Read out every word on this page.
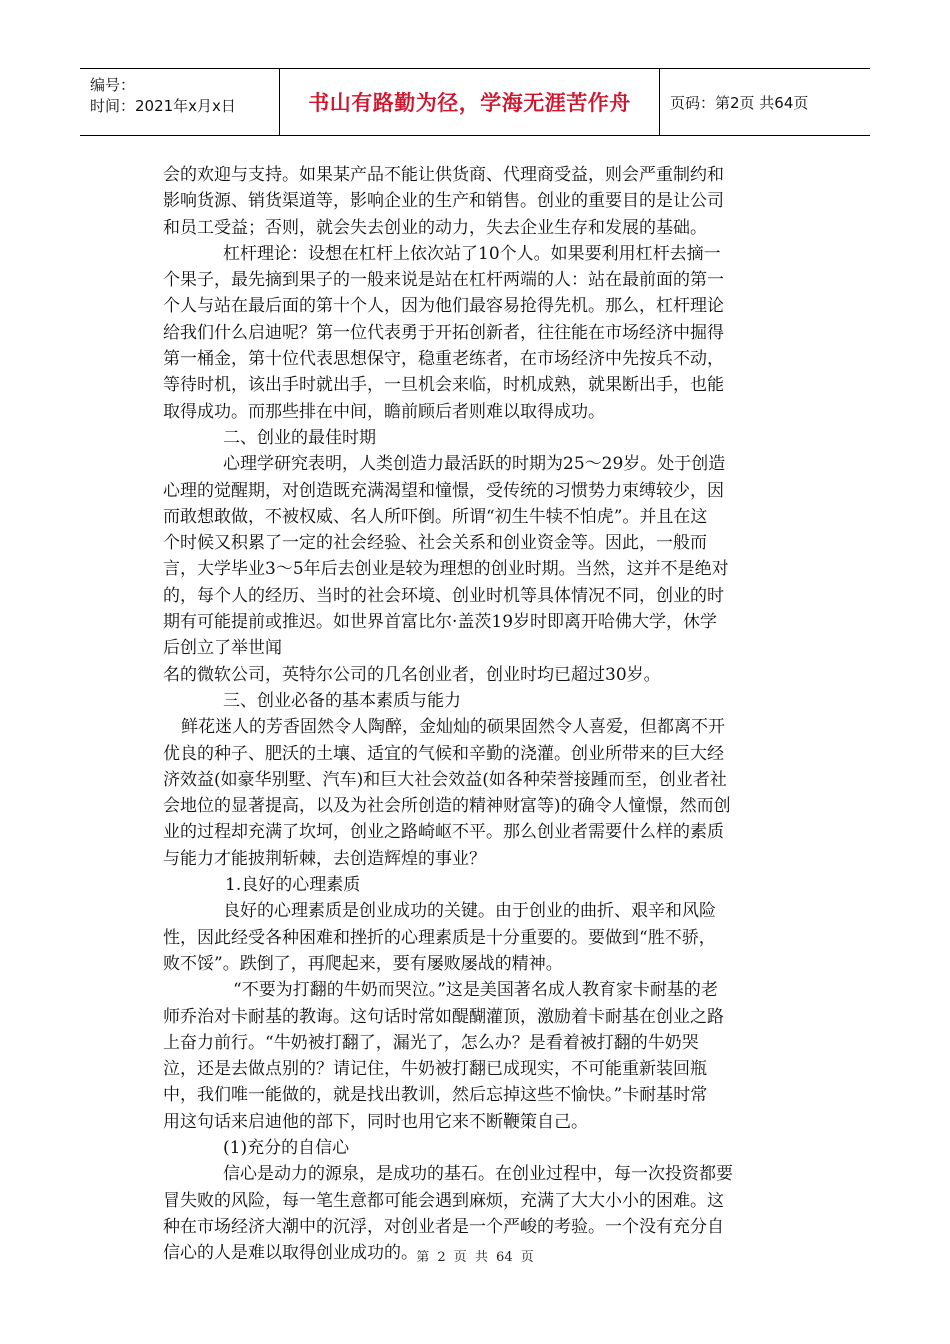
编号：
时间：2021年x月x日	书山有路勤为径，学海无涯苦作舟	页码：第2页 共64页
会的欢迎与支持。如果某产品不能让供货商、代理商受益，则会严重制约和
影响货源、销货渠道等，影响企业的生产和销售。创业的重要目的是让公司
和员工受益；否则，就会失去创业的动力，失去企业生存和发展的基础。
杠杆理论：设想在杠杆上依次站了10个人。如果要利用杠杆去摘一
个果子，最先摘到果子的一般来说是站在杠杆两端的人：站在最前面的第一
个人与站在最后面的第十个人，因为他们最容易抢得先机。那么，杠杆理论
给我们什么启迪呢？第一位代表勇于开拓创新者，往往能在市场经济中掘得
第一桶金，第十位代表思想保守，稳重老练者，在市场经济中先按兵不动，
等待时机，该出手时就出手，一旦机会来临，时机成熟，就果断出手，也能
取得成功。而那些排在中间，瞻前顾后者则难以取得成功。
二、创业的最佳时期
心理学研究表明，人类创造力最活跃的时期为25～29岁。处于创造
心理的觉醒期，对创造既充满渴望和憧憬，受传统的习惯势力束缚较少，因
而敢想敢做，不被权威、名人所吓倒。所谓“初生牛犊不怕虎”。并且在这
个时候又积累了一定的社会经验、社会关系和创业资金等。因此，一般而
言，大学毕业3～5年后去创业是较为理想的创业时期。当然，这并不是绝对
的，每个人的经历、当时的社会环境、创业时机等具体情况不同，创业的时
期有可能提前或推迟。如世界首富比尔·盖茨19岁时即离开哈佛大学，休学
后创立了举世闻
名的微软公司，英特尔公司的几名创业者，创业时均已超过30岁。
三、创业必备的基本素质与能力
鲜花迷人的芳香固然令人陶醉，金灿灿的硕果固然令人喜爱，但都离不开
优良的种子、肥沃的土壤、适宜的气候和辛勤的浇灌。创业所带来的巨大经
济效益(如豪华别墅、汽车)和巨大社会效益(如各种荣誉接踵而至，创业者社
会地位的显著提高，以及为社会所创造的精神财富等)的确令人憧憬，然而创
业的过程却充满了坎坷，创业之路崎岖不平。那么创业者需要什么样的素质
与能力才能披荆斩棘，去创造辉煌的事业？
1.良好的心理素质
良好的心理素质是创业成功的关键。由于创业的曲折、艰辛和风险
性，因此经受各种困难和挫折的心理素质是十分重要的。要做到“胜不骄，
败不馁”。跌倒了，再爬起来，要有屡败屡战的精神。
“不要为打翻的牛奶而哭泣。”这是美国著名成人教育家卡耐基的老
师乔治对卡耐基的教诲。这句话时常如醍醐灌顶，激励着卡耐基在创业之路
上奋力前行。“牛奶被打翻了，漏光了，怎么办？是看着被打翻的牛奶哭
泣，还是去做点别的？请记住，牛奶被打翻已成现实，不可能重新装回瓶
中，我们唯一能做的，就是找出教训，然后忘掉这些不愉快。”卡耐基时常
用这句话来启迪他的部下，同时也用它来不断鞭策自己。
(1)充分的自信心
信心是动力的源泉，是成功的基石。在创业过程中，每一次投资都要
冒失败的风险，每一笔生意都可能会遇到麻烦，充满了大大小小的困难。这
种在市场经济大潮中的沉浮，对创业者是一个严峻的考验。一个没有充分自
信心的人是难以取得创业成功的。
第 2 页 共 64 页
